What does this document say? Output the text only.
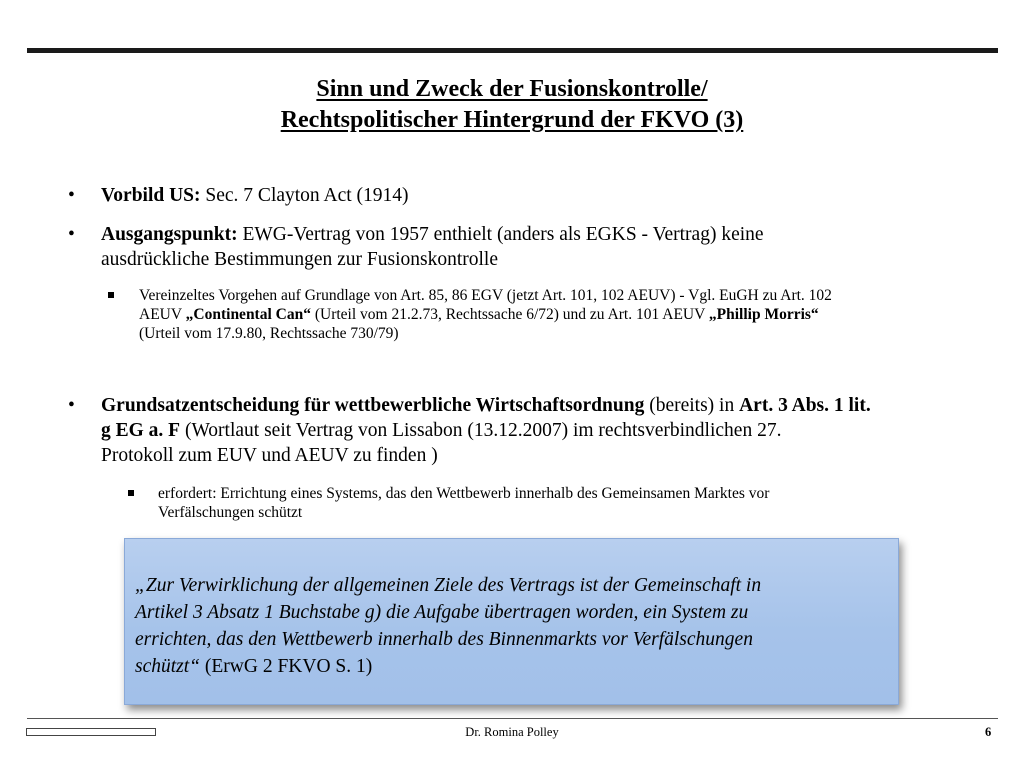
Sinn und Zweck der Fusionskontrolle/
Rechtspolitischer Hintergrund der FKVO (3)
•	Vorbild US: Sec. 7 Clayton Act (1914)
•	Ausgangspunkt: EWG-Vertrag von 1957 enthielt (anders als EGKS - Vertrag) keine
ausdrückliche Bestimmungen zur Fusionskontrolle
Vereinzeltes Vorgehen auf Grundlage von Art. 85, 86 EGV (jetzt Art. 101, 102 AEUV) - Vgl. EuGH zu Art. 102
AEUV „Continental Can“ (Urteil vom 21.2.73, Rechtssache 6/72) und zu Art. 101 AEUV „Phillip Morris“
(Urteil vom 17.9.80, Rechtssache 730/79)
•	Grundsatzentscheidung für wettbewerbliche Wirtschaftsordnung (bereits) in Art. 3 Abs. 1 lit.
g EG a. F (Wortlaut seit Vertrag von Lissabon (13.12.2007) im rechtsverbindlichen 27.
Protokoll zum EUV und AEUV zu finden )
erfordert: Errichtung eines Systems, das den Wettbewerb innerhalb des Gemeinsamen Marktes vor
Verfälschungen schützt
„Zur Verwirklichung der allgemeinen Ziele des Vertrags ist der Gemeinschaft in
Artikel 3 Absatz 1 Buchstabe g) die Aufgabe übertragen worden, ein System zu
errichten, das den Wettbewerb innerhalb des Binnenmarkts vor Verfälschungen
schützt“ (ErwG 2 FKVO S. 1)
Dr. Romina Polley	6
